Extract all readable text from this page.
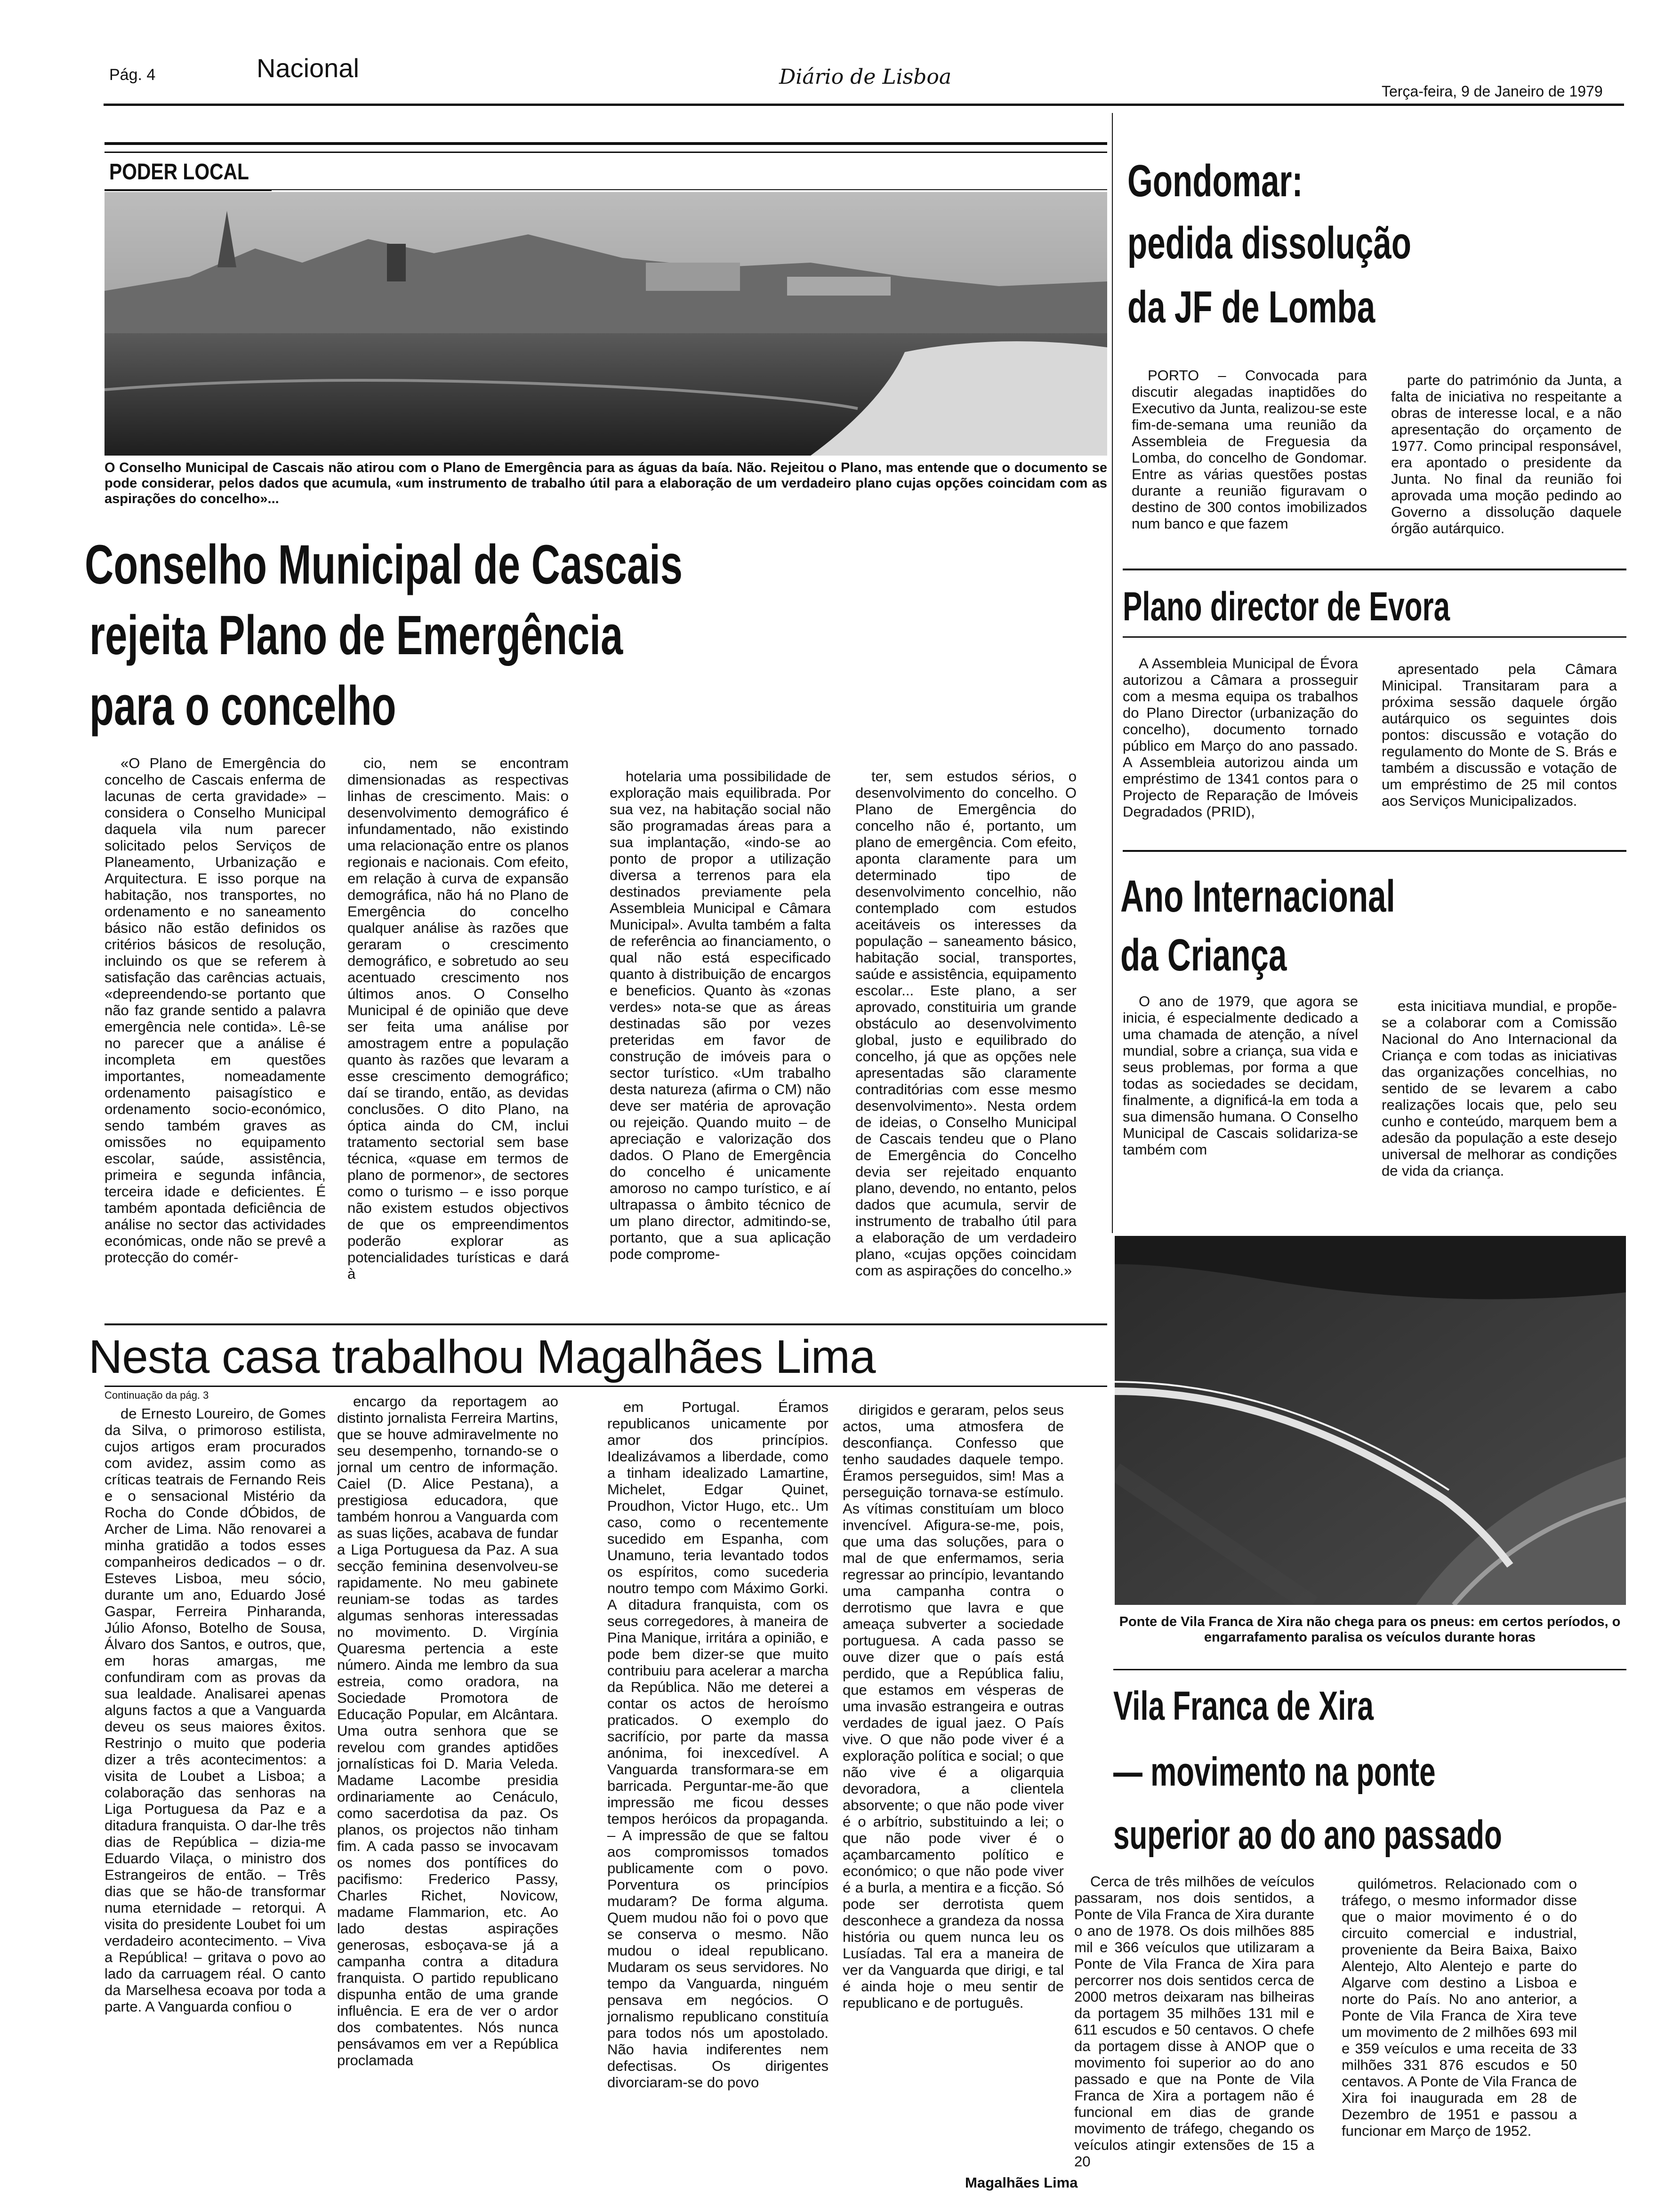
Pág. 4	Nacional	Diário de Lisboa
Terça-feira, 9 de Janeiro de 1979
PODER LOCAL
O Conselho Municipal de Cascais não atirou com o Plano de Emergência para as águas da baía. Não. Rejeitou o Plano, mas entende que o documento se pode considerar, pelos dados que acumula, «um instrumento de trabalho útil para a elaboração de um verdadeiro plano cujas opções coincidam com as aspirações do concelho»...
Conselho Municipal de Cascais
rejeita Plano de Emergência
para o concelho

«O Plano de Emergência do concelho de Cascais enferma de lacunas de certa gravidade» – considera o Conselho Municipal daquela vila num parecer solicitado pelos Serviços de Planeamento, Urbanização e Arquitectura. E isso porque na habitação, nos transportes, no ordenamento e no saneamento básico não estão definidos os critérios básicos de resolução, incluindo os que se referem à satisfação das carências actuais, «depreendendo-se portanto que não faz grande sentido a palavra emergência nele contida». Lê-se no parecer que a análise é incompleta em questões importantes, nomeadamente ordenamento paisagístico e ordenamento socio-económico, sendo também graves as omissões no equipamento escolar, saúde, assistência, primeira e segunda infância, terceira idade e deficientes. É também apontada deficiência de análise no sector das actividades económicas, onde não se prevê a protecção do comér-

cio, nem se encontram dimensionadas as respectivas linhas de crescimento. Mais: o desenvolvimento demográfico é infundamentado, não existindo uma relacionação entre os planos regionais e nacionais. Com efeito, em relação à curva de expansão demográfica, não há no Plano de Emergência do concelho qualquer análise às razões que geraram o crescimento demográfico, e sobretudo ao seu acentuado crescimento nos últimos anos. O Conselho Municipal é de opinião que deve ser feita uma análise por amostragem entre a população quanto às razões que levaram a esse crescimento demográfico; daí se tirando, então, as devidas conclusões. O dito Plano, na óptica ainda do CM, inclui tratamento sectorial sem base técnica, «quase em termos de plano de pormenor», de sectores como o turismo – e isso porque não existem estudos objectivos de que os empreendimentos poderão explorar as potencialidades turísticas e dará à

hotelaria uma possibilidade de exploração mais equilibrada. Por sua vez, na habitação social não são programadas áreas para a sua implantação, «indo-se ao ponto de propor a utilização diversa a terrenos para ela destinados previamente pela Assembleia Municipal e Câmara Municipal». Avulta também a falta de referência ao financiamento, o qual não está especificado quanto à distribuição de encargos e beneficios. Quanto às «zonas verdes» nota-se que as áreas destinadas são por vezes preteridas em favor de construção de imóveis para o sector turístico. «Um trabalho desta natureza (afirma o CM) não deve ser matéria de aprovação ou rejeição. Quando muito – de apreciação e valorização dos dados. O Plano de Emergência do concelho é unicamente amoroso no campo turístico, e aí ultrapassa o âmbito técnico de um plano director, admitindo-se, portanto, que a sua aplicação pode comprome-

ter, sem estudos sérios, o desenvolvimento do concelho. O Plano de Emergência do concelho não é, portanto, um plano de emergência. Com efeito, aponta claramente para um determinado tipo de desenvolvimento concelhio, não contemplado com estudos aceitáveis os interesses da população – saneamento básico, habitação social, transportes, saúde e assistência, equipamento escolar... Este plano, a ser aprovado, constituiria um grande obstáculo ao desenvolvimento global, justo e equilibrado do concelho, já que as opções nele apresentadas são claramente contraditórias com esse mesmo desenvolvimento». Nesta ordem de ideias, o Conselho Municipal de Cascais tendeu que o Plano de Emergência do Concelho devia ser rejeitado enquanto plano, devendo, no entanto, pelos dados que acumula, servir de instrumento de trabalho útil para a elaboração de um verdadeiro plano, «cujas opções coincidam com as aspirações do concelho.»

Gondomar:
pedida dissolução
da JF de Lomba

PORTO – Convocada para discutir alegadas inaptidões do Executivo da Junta, realizou-se este fim-de-semana uma reunião da Assembleia de Freguesia da Lomba, do concelho de Gondomar. Entre as várias questões postas durante a reunião figuravam o destino de 300 contos imobilizados num banco e que fazem

parte do património da Junta, a falta de iniciativa no respeitante a obras de interesse local, e a não apresentação do orçamento de 1977. Como principal responsável, era apontado o presidente da Junta. No final da reunião foi aprovada uma moção pedindo ao Governo a dissolução daquele órgão autárquico.

Plano director de Evora

A Assembleia Municipal de Évora autorizou a Câmara a prosseguir com a mesma equipa os trabalhos do Plano Director (urbanização do concelho), documento tornado público em Março do ano passado. A Assembleia autorizou ainda um empréstimo de 1341 contos para o Projecto de Reparação de Imóveis Degradados (PRID),

apresentado pela Câmara Minicipal. Transitaram para a próxima sessão daquele órgão autárquico os seguintes dois pontos: discussão e votação do regulamento do Monte de S. Brás e também a discussão e votação de um empréstimo de 25 mil contos aos Serviços Municipalizados.

Ano Internacional
da Criança

O ano de 1979, que agora se inicia, é especialmente dedicado a uma chamada de atenção, a nível mundial, sobre a criança, sua vida e seus problemas, por forma a que todas as sociedades se decidam, finalmente, a dignificá-la em toda a sua dimensão humana. O Conselho Municipal de Cascais solidariza-se também com

esta inicitiava mundial, e propõe-se a colaborar com a Comissão Nacional do Ano Internacional da Criança e com todas as iniciativas das organizações concelhias, no sentido de se levarem a cabo realizações locais que, pelo seu cunho e conteúdo, marquem bem a adesão da população a este desejo universal de melhorar as condições de vida da criança.

Ponte de Vila Franca de Xira não chega para os pneus: em certos períodos, o engarrafamento paralisa os veículos durante horas
Vila Franca de Xira
— movimento na ponte
superior ao do ano passado

Cerca de três milhões de veículos passaram, nos dois sentidos, a Ponte de Vila Franca de Xira durante o ano de 1978. Os dois milhões 885 mil e 366 veículos que utilizaram a Ponte de Vila Franca de Xira para percorrer nos dois sentidos cerca de 2000 metros deixaram nas bilheiras da portagem 35 milhões 131 mil e 611 escudos e 50 centavos. O chefe da portagem disse à ANOP que o movimento foi superior ao do ano passado e que na Ponte de Vila Franca de Xira a portagem não é funcional em dias de grande movimento de tráfego, chegando os veículos atingir extensões de 15 a 20

quilómetros. Relacionado com o tráfego, o mesmo informador disse que o maior movimento é o do circuito comercial e industrial, proveniente da Beira Baixa, Baixo Alentejo, Alto Alentejo e parte do Algarve com destino a Lisboa e norte do País. No ano anterior, a Ponte de Vila Franca de Xira teve um movimento de 2 milhões 693 mil e 359 veículos e uma receita de 33 milhões 331 876 escudos e 50 centavos. A Ponte de Vila Franca de Xira foi inaugurada em 28 de Dezembro de 1951 e passou a funcionar em Março de 1952.

Nesta casa trabalhou Magalhães Lima
Continuação da pág. 3

de Ernesto Loureiro, de Gomes da Silva, o primoroso estilista, cujos artigos eram procurados com avidez, assim como as críticas teatrais de Fernando Reis e o sensacional Mistério da Rocha do Conde dÓbidos, de Archer de Lima. Não renovarei a minha gratidão a todos esses companheiros dedicados – o dr. Esteves Lisboa, meu sócio, durante um ano, Eduardo José Gaspar, Ferreira Pinharanda, Júlio Afonso, Botelho de Sousa, Álvaro dos Santos, e outros, que, em horas amargas, me confundiram com as provas da sua lealdade. Analisarei apenas alguns factos a que a Vanguarda deveu os seus maiores êxitos. Restrinjo o muito que poderia dizer a três acontecimentos: a visita de Loubet a Lisboa; a colaboração das senhoras na Liga Portuguesa da Paz e a ditadura franquista. O dar-lhe três dias de República – dizia-me Eduardo Vilaça, o ministro dos Estrangeiros de então. – Três dias que se hão-de transformar numa eternidade – retorqui. A visita do presidente Loubet foi um verdadeiro acontecimento. – Viva a República! – gritava o povo ao lado da carruagem réal. O canto da Marselhesa ecoava por toda a parte. A Vanguarda confiou o

encargo da reportagem ao distinto jornalista Ferreira Martins, que se houve admiravelmente no seu desempenho, tornando-se o jornal um centro de informação. Caiel (D. Alice Pestana), a prestigiosa educadora, que também honrou a Vanguarda com as suas lições, acabava de fundar a Liga Portuguesa da Paz. A sua secção feminina desenvolveu-se rapidamente. No meu gabinete reuniam-se todas as tardes algumas senhoras interessadas no movimento. D. Virgínia Quaresma pertencia a este número. Ainda me lembro da sua estreia, como oradora, na Sociedade Promotora de Educação Popular, em Alcântara. Uma outra senhora que se revelou com grandes aptidões jornalísticas foi D. Maria Veleda. Madame Lacombe presidia ordinariamente ao Cenáculo, como sacerdotisa da paz. Os planos, os projectos não tinham fim. A cada passo se invocavam os nomes dos pontífices do pacifismo: Frederico Passy, Charles Richet, Novicow, madame Flammarion, etc. Ao lado destas aspirações generosas, esboçava-se já a campanha contra a ditadura franquista. O partido republicano dispunha então de uma grande influência. E era de ver o ardor dos combatentes. Nós nunca pensávamos em ver a República proclamada

em Portugal. Éramos republicanos unicamente por amor dos princípios. Idealizávamos a liberdade, como a tinham idealizado Lamartine, Michelet, Edgar Quinet, Proudhon, Victor Hugo, etc.. Um caso, como o recentemente sucedido em Espanha, com Unamuno, teria levantado todos os espíritos, como sucederia noutro tempo com Máximo Gorki. A ditadura franquista, com os seus corregedores, à maneira de Pina Manique, irritára a opinião, e pode bem dizer-se que muito contribuiu para acelerar a marcha da República. Não me deterei a contar os actos de heroísmo praticados. O exemplo do sacrifício, por parte da massa anónima, foi inexcedível. A Vanguarda transformara-se em barricada. Perguntar-me-ão que impressão me ficou desses tempos heróicos da propaganda. – A impressão de que se faltou aos compromissos tomados publicamente com o povo. Porventura os princípios mudaram? De forma alguma. Quem mudou não foi o povo que se conserva o mesmo. Não mudou o ideal republicano. Mudaram os seus servidores. No tempo da Vanguarda, ninguém pensava em negócios. O jornalismo republicano constituía para todos nós um apostolado. Não havia indiferentes nem defectisas. Os dirigentes divorciaram-se do povo

dirigidos e geraram, pelos seus actos, uma atmosfera de desconfiança. Confesso que tenho saudades daquele tempo. Éramos perseguidos, sim! Mas a perseguição tornava-se estímulo. As vítimas constituíam um bloco invencível. Afigura-se-me, pois, que uma das soluções, para o mal de que enfermamos, seria regressar ao princípio, levantando uma campanha contra o derrotismo que lavra e que ameaça subverter a sociedade portuguesa. A cada passo se ouve dizer que o país está perdido, que a República faliu, que estamos em vésperas de uma invasão estrangeira e outras verdades de igual jaez. O País vive. O que não pode viver é a exploração política e social; o que não vive é a oligarquia devoradora, a clientela absorvente; o que não pode viver é o arbítrio, substituindo a lei; o que não pode viver é o açambarcamento político e económico; o que não pode viver é a burla, a mentira e a ficção. Só pode ser derrotista quem desconhece a grandeza da nossa história ou quem nunca leu os Lusíadas. Tal era a maneira de ver da Vanguarda que dirigi, e tal é ainda hoje o meu sentir de republicano e de português.

Magalhães Lima
